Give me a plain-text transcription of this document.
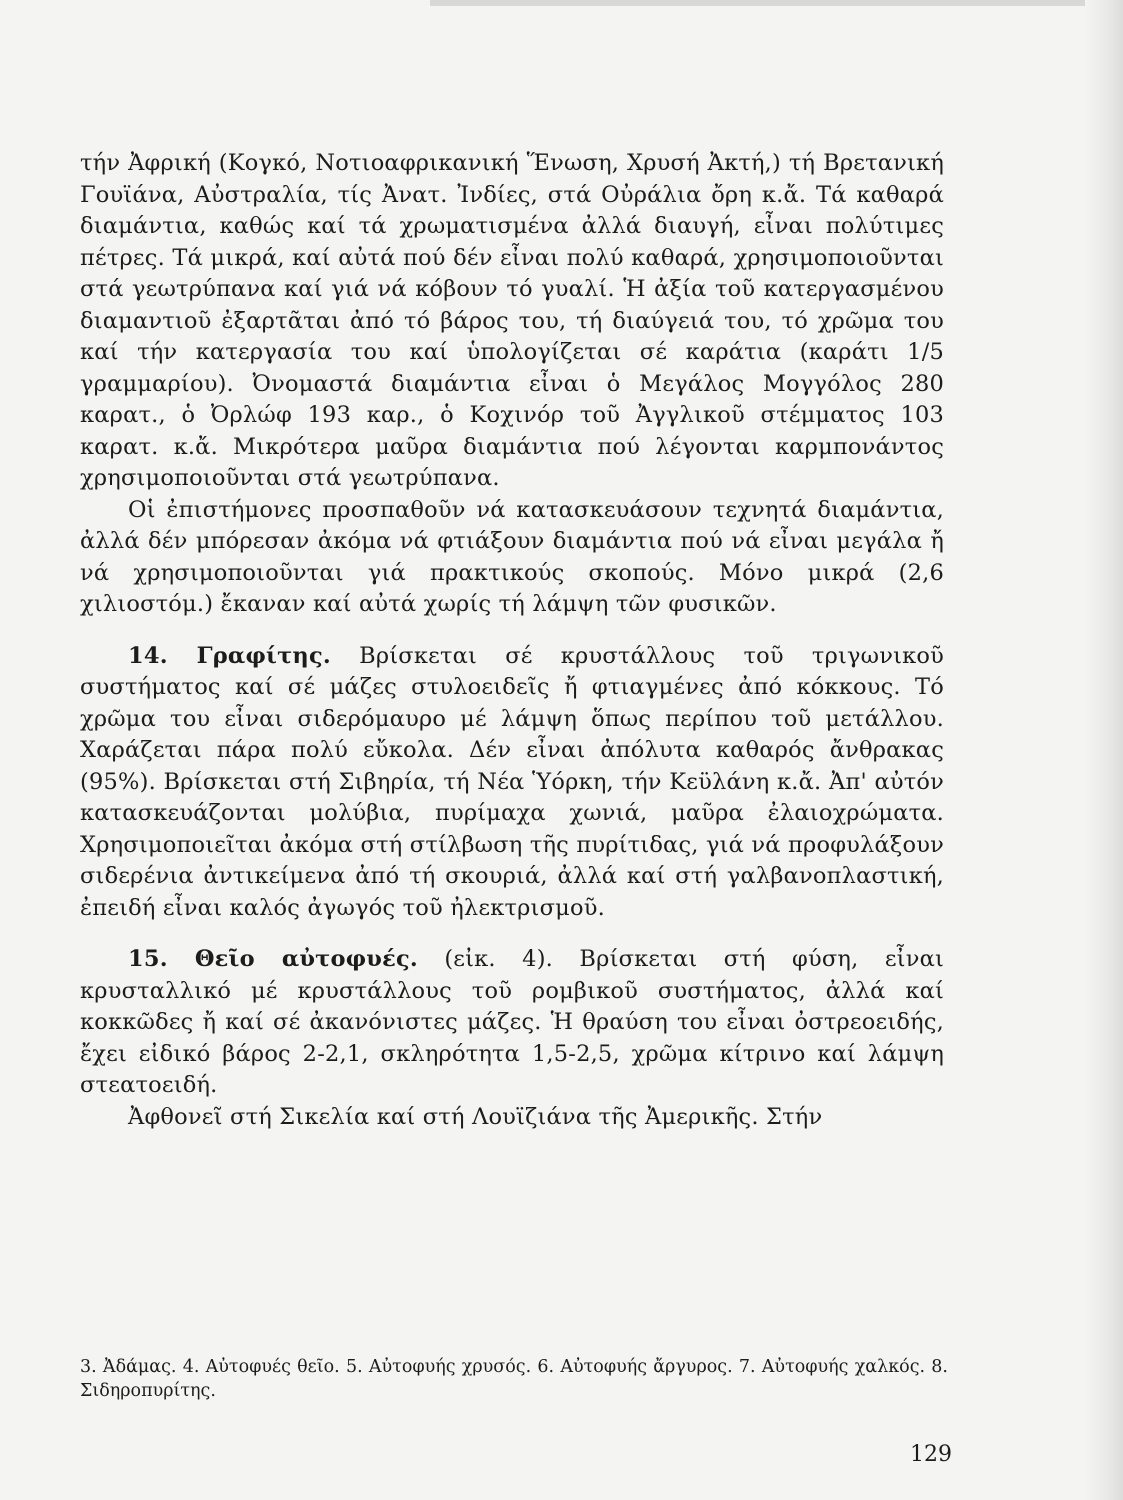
τήν Ἀφρική (Κογκό, Νοτιοαφρικανική Ἕνωση, Χρυσή Ἀκτή,) τή Βρετανική Γουϊάνα, Αὐστραλία, τίς Ἀνατ. Ἰνδίες, στά Οὐράλια ὄρη κ.ἄ. Τά καθαρά διαμάντια, καθώς καί τά χρωματισμένα ἀλλά διαυγή, εἶναι πολύτιμες πέτρες. Τά μικρά, καί αὐτά πού δέν εἶναι πολύ καθαρά, χρησιμοποιοῦνται στά γεωτρύπανα καί γιά νά κόβουν τό γυαλί. Ἡ ἀξία τοῦ κατεργασμένου διαμαντιοῦ ἐξαρτᾶται ἀπό τό βάρος του, τή διαύγειά του, τό χρῶμα του καί τήν κατεργασία του καί ὑπολογίζεται σέ καράτια (καράτι 1/5 γραμμαρίου). Ὀνομαστά διαμάντια εἶναι ὁ Μεγάλος Μογγόλος 280 καρατ., ὁ Ὀρλώφ 193 καρ., ὁ Κοχινόρ τοῦ Ἀγγλικοῦ στέμματος 103 καρατ. κ.ἄ. Μικρότερα μαῦρα διαμάντια πού λέγονται καρμπονάντος χρησιμοποιοῦνται στά γεωτρύπανα.

Οἱ ἐπιστήμονες προσπαθοῦν νά κατασκευάσουν τεχνητά διαμάντια, ἀλλά δέν μπόρεσαν ἀκόμα νά φτιάξουν διαμάντια πού νά εἶναι μεγάλα ἤ νά χρησιμοποιοῦνται γιά πρακτικούς σκοπούς. Μόνο μικρά (2,6 χιλιοστόμ.) ἔκαναν καί αὐτά χωρίς τή λάμψη τῶν φυσικῶν.

14. Γραφίτης. Βρίσκεται σέ κρυστάλλους τοῦ τριγωνικοῦ συστήματος καί σέ μάζες στυλοειδεῖς ἤ φτιαγμένες ἀπό κόκκους. Τό χρῶμα του εἶναι σιδερόμαυρο μέ λάμψη ὅπως περίπου τοῦ μετάλλου. Χαράζεται πάρα πολύ εὔκολα. Δέν εἶναι ἀπόλυτα καθαρός ἄνθρακας (95%). Βρίσκεται στή Σιβηρία, τή Νέα Ὑόρκη, τήν Κεϋλάνη κ.ἄ. Ἀπ' αὐτόν κατασκευάζονται μολύβια, πυρίμαχα χωνιά, μαῦρα ἐλαιοχρώματα. Χρησιμοποιεῖται ἀκόμα στή στίλβωση τῆς πυρίτιδας, γιά νά προφυλάξουν σιδερένια ἀντικείμενα ἀπό τή σκουριά, ἀλλά καί στή γαλβανοπλαστική, ἐπειδή εἶναι καλός ἀγωγός τοῦ ἠλεκτρισμοῦ.

15. Θεῖο αὐτοφυές. (εἰκ. 4). Βρίσκεται στή φύση, εἶναι κρυσταλλικό μέ κρυστάλλους τοῦ ρομβικοῦ συστήματος, ἀλλά καί κοκκῶδες ἤ καί σέ ἀκανόνιστες μάζες. Ἡ θραύση του εἶναι ὀστρεοειδής, ἔχει εἰδικό βάρος 2-2,1, σκληρότητα 1,5-2,5, χρῶμα κίτρινο καί λάμψη στεατοειδή.

Ἀφθονεῖ στή Σικελία καί στή Λουϊζιάνα τῆς Ἀμερικῆς. Στήν

3. Ἀδάμας. 4. Αὐτοφυές θεῖο. 5. Αὐτοφυής χρυσός. 6. Αὐτοφυής ἄργυρος. 7. Αὐτοφυής χαλκός. 8. Σιδηροπυρίτης.
129
